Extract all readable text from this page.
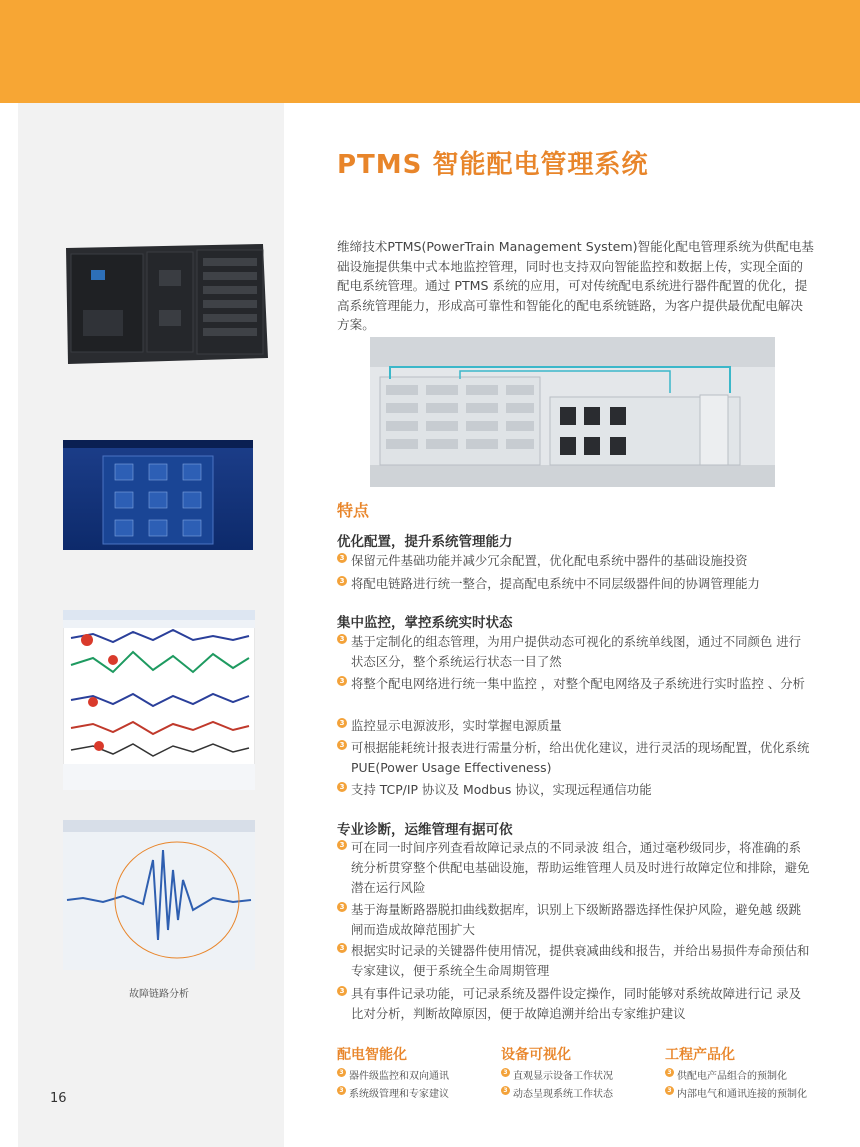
PTMS 智能配电管理系统
维缔技术PTMS(PowerTrain Management System)智能化配电管理系统为供配电基础设施提供集中式本地监控管理，同时也支持双向智能监控和数据上传，实现全面的配电系统管理。通过 PTMS 系统的应用，可对传统配电系统进行器件配置的优化，提高系统管理能力，形成高可靠性和智能化的配电系统链路，为客户提供最优配电解决方案。
特点
优化配置，提升系统管理能力
3 保留元件基础功能并减少冗余配置，优化配电系统中器件的基础设施投资
3 将配电链路进行统一整合，提高配电系统中不同层级器件间的协调管理能力
集中监控，掌控系统实时状态
3 基于定制化的组态管理，为用户提供动态可视化的系统单线图，通过不同颜色 进行状态区分，整个系统运行状态一目了然
3 将整个配电网络进行统一集中监控 ，对整个配电网络及子系统进行实时监控 、分析
3 监控显示电源波形，实时掌握电源质量
3 可根据能耗统计报表进行需量分析，给出优化建议，进行灵活的现场配置，优化系统 PUE(Power Usage Effectiveness)
3 支持 TCP/IP 协议及 Modbus 协议，实现远程通信功能
专业诊断，运维管理有据可依
3 可在同一时间序列查看故障记录点的不同录波 组合，通过毫秒级同步，将准确的系统分析贯穿整个供配电基础设施，帮助运维管理人员及时进行故障定位和排除，避免潜在运行风险
3 基于海量断路器脱扣曲线数据库，识别上下级断路器选择性保护风险，避免越 级跳闸而造成故障范围扩大
3 根据实时记录的关键器件使用情况，提供衰减曲线和报告，并给出易损件寿命预估和专家建议，便于系统全生命周期管理
3 具有事件记录功能，可记录系统及器件设定操作，同时能够对系统故障进行记 录及比对分析，判断故障原因，便于故障追溯并给出专家维护建议
配电智能化
3 器件级监控和双向通讯
3 系统级管理和专家建议
设备可视化
3 直观显示设备工作状况
3 动态呈现系统工作状态
工程产品化
3 供配电产品组合的预制化
3 内部电气和通讯连接的预制化
故障链路分析
16
